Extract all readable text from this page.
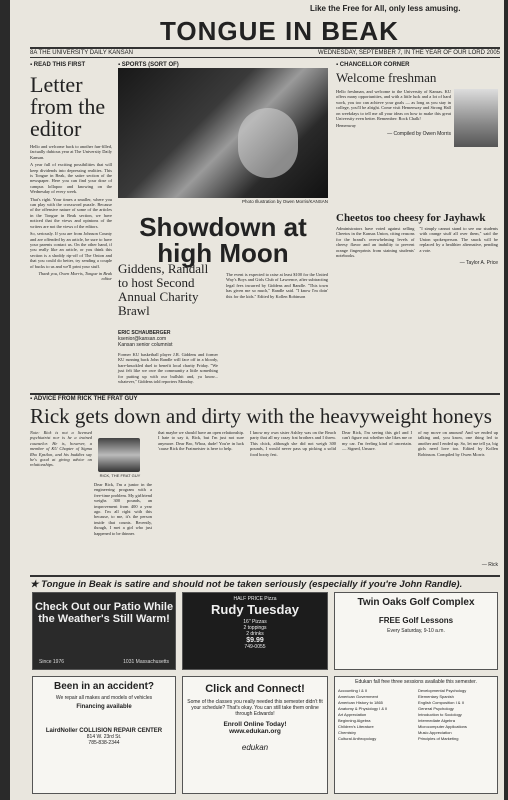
Like the Free for All, only less amusing.
TONGUE IN BEAK
8A THE UNIVERSITY DAILY KANSAN	WEDNESDAY, SEPTEMBER 7, IN THE YEAR OF OUR LORD 2005
▪ READ THIS FIRST
Letter from the editor

Hello and welcome back to another fun-filled, factually dubious year at The University Daily Kansan.

A year full of exciting possibilities that will keep dividends into depressing realities. This is Tongue in Beak, the satire section of the newspaper. Here you can find your dose of campus lollapoo and knowing on the Wednesday of every week.

That's right. Your times a smaller, where you can play with the crossword puzzle. Because of the offensive nature of some of the articles in the Tongue in Beak section, we have noticed that the views and opinions of the writers are not the views of the editors.

So, seriously. If you are from Johnson County and are offended by an article, be sure to have your parents contact us. On the other hand, if you really like an article, or you think this section is a shoddy rip-off of The Onion and that you could do better, try sending a couple of bucks to us and we'll print your stuff.

Thank you, Owen Morris, Tongue in Beak editor

▪ SPORTS (SORT OF)
Photo Illustration by Owen Morris/KANSAN
Showdown at high Moon
Giddens, Randall to host Second Annual Charity Brawl
ERIC SCHAUBERGER
ksenior@kansan.com
Kansan senior columnist
Former KU basketball player J.R. Giddens and former KU running back John Randle will face off in a bloody, bare-knuckled duel to benefit local charity Friday. "We just felt like we owe the community a little something for putting up with our bullshit and, ya know... whatever," Giddens told reporters Monday.
The event is expected to raise at least $100 for the United Way's Boys and Girls Club of Lawrence, after subtracting legal fees incurred by Giddens and Randle. "This town has given me so much," Randle said. "I know I'm doin' this for the kids." Edited by Kollen Robinson
▪ CHANCELLOR CORNER
Welcome freshman
Hello freshman, and welcome to the University of Kansas. KU offers many opportunities, and with a little luck and a lot of hard work, you too can achieve your goals — as long as you stay in college, you'll be alright. Come visit Hemenway and Strong Hall on weekdays to tell me all your ideas on how to make this great University even better. Remember: Rock Chalk!
Hemenway
— Compiled by Owen Morris
Cheetos too cheesy for Jayhawk
Administrators have voted against selling Cheetos in the Kansas Union, citing reasons for the brand's overwhelming levels of cheesy flavor and an inability to prevent orange fingerprints from staining students' notebooks.
"I simply cannot stand to see our students with orange stuff all over them," said the Union spokesperson. The snack will be replaced by a healthier alternative, pending a vote.
— Taylor A. Price
▪ ADVICE FROM RICK THE FRAT GUY
Rick gets down and dirty with the heavyweight honeys
Note: Rick is not a licensed psychiatrist nor is he a trained counselor. He is, however, a member of KU Chapter of Sigma Rho Epsilon, and his buddies say he's good at giving advice on relationships.
RICK, THE FRAT GUY
Dear Rick, I'm a junior in the engineering program with a free-time problem. My girlfriend weighs 300 pounds, an improvement from 400 a year ago. I'm all right with this because, to me, it's the person inside that counts. Recently, though, I met a girl who just happened to be thinner.
that maybe we should have an open relationship. I hate to say it, Rick, but I'm just not sure anymore. Dear Bro, Whoa, dude! You're in luck 'cause Rick the Fratmeister is here to help.
I know my own sister Ashley was on the Beach party that all my crazy frat brothers and I threw. This chick, although she did not weigh 300 pounds, I would never pass up picking a solid food booty fest.
Dear Rick, I'm seeing this girl and I can't figure out whether she likes me or my car. I'm feeling kind of uncertain. — Signed, Unsure.
of my move on amount! And we ended up talking and, you know, one thing led to another and I ended up. So, let me tell ya, big girls need love too. Edited by Kollen Robinson. Compiled by Owen Morris
— Rick
★ Tongue in Beak is satire and should not be taken seriously (especially if you're John Randle).
Check Out our Patio While the Weather's Still Warm!
Since 1976	1031 Massachusetts
HALF PRICE Pizza
Rudy Tuesday
16" Pizzas
2 toppings
2 drinks
$9.99
749-0055
Twin Oaks Golf Complex
FREE Golf Lessons
Every Saturday, 9-10 a.m.
Been in an accident?
We repair all makes and models of vehicles
Financing available
LairdNoller COLLISION REPAIR CENTER
814 W. 23rd St.
785-838-2344
Click and Connect!
Some of the classes you really needed this semester didn't fit your schedule? That's okay. You can still take them online through Edwards!
Enroll Online Today!
www.edukan.org
edukan
Edukan fall free three sessions available this semester.
Accounting I & II
American Government
American History to 1865
Anatomy & Physiology I & II
Art Appreciation
Beginning Algebra
Children's Literature
Chemistry
Cultural Anthropology
Developmental Psychology
Elementary Spanish
English Composition I & II
General Psychology
Introduction to Sociology
Intermediate Algebra
Microcomputer Applications
Music Appreciation
Principles of Marketing
